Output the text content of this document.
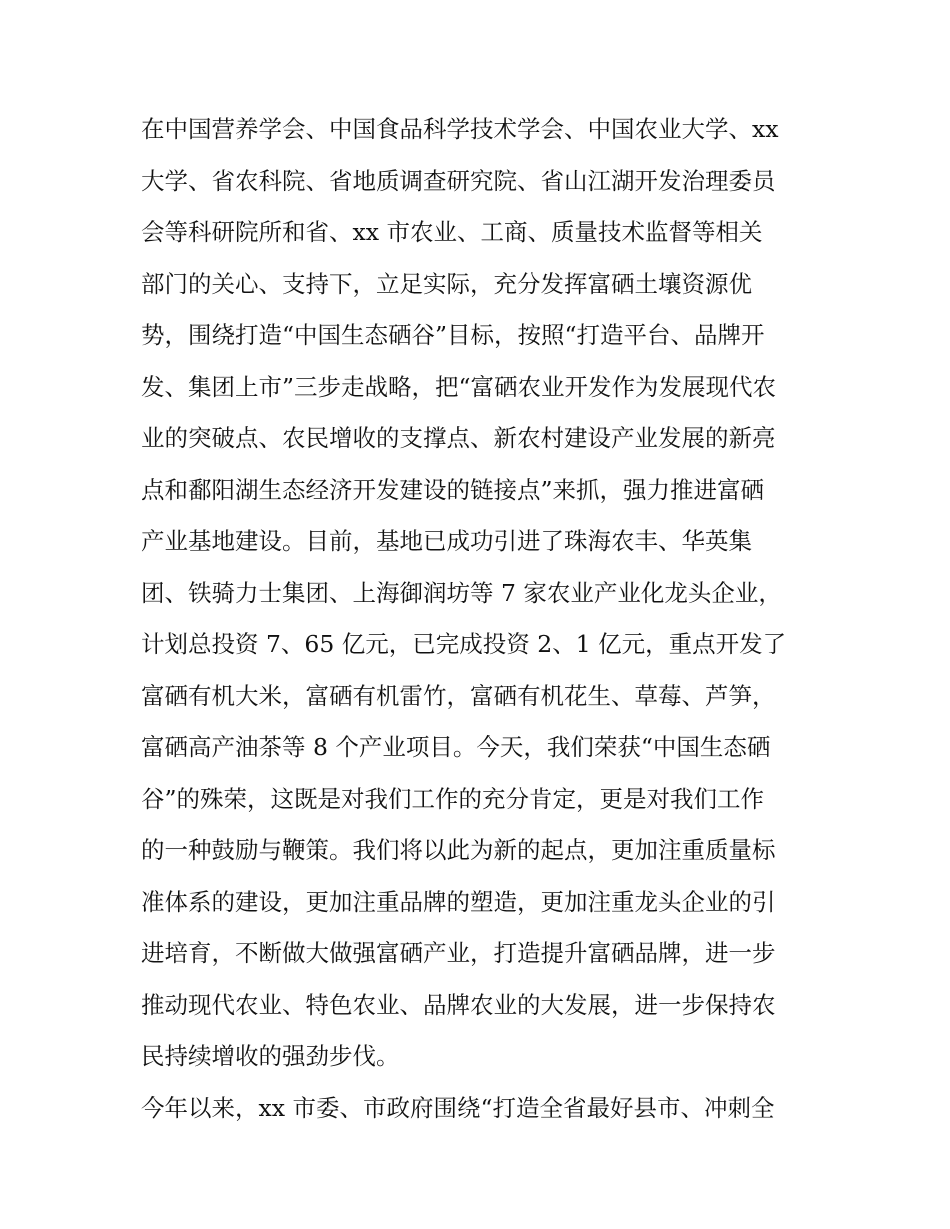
在中国营养学会、中国食品科学技术学会、中国农业大学、xx
大学、省农科院、省地质调查研究院、省山江湖开发治理委员
会等科研院所和省、xx 市农业、工商、质量技术监督等相关
部门的关心、支持下，立足实际，充分发挥富硒土壤资源优
势，围绕打造“中国生态硒谷”目标，按照“打造平台、品牌开
发、集团上市”三步走战略，把“富硒农业开发作为发展现代农
业的突破点、农民增收的支撑点、新农村建设产业发展的新亮
点和鄱阳湖生态经济开发建设的链接点”来抓，强力推进富硒
产业基地建设。目前，基地已成功引进了珠海农丰、华英集
团、铁骑力士集团、上海御润坊等 7 家农业产业化龙头企业，
计划总投资 7、65 亿元，已完成投资 2、1 亿元，重点开发了
富硒有机大米，富硒有机雷竹，富硒有机花生、草莓、芦笋，
富硒高产油茶等 8 个产业项目。今天，我们荣获“中国生态硒
谷”的殊荣，这既是对我们工作的充分肯定，更是对我们工作
的一种鼓励与鞭策。我们将以此为新的起点，更加注重质量标
准体系的建设，更加注重品牌的塑造，更加注重龙头企业的引
进培育，不断做大做强富硒产业，打造提升富硒品牌，进一步
推动现代农业、特色农业、品牌农业的大发展，进一步保持农
民持续增收的强劲步伐。
今年以来，xx 市委、市政府围绕“打造全省最好县市、冲刺全
